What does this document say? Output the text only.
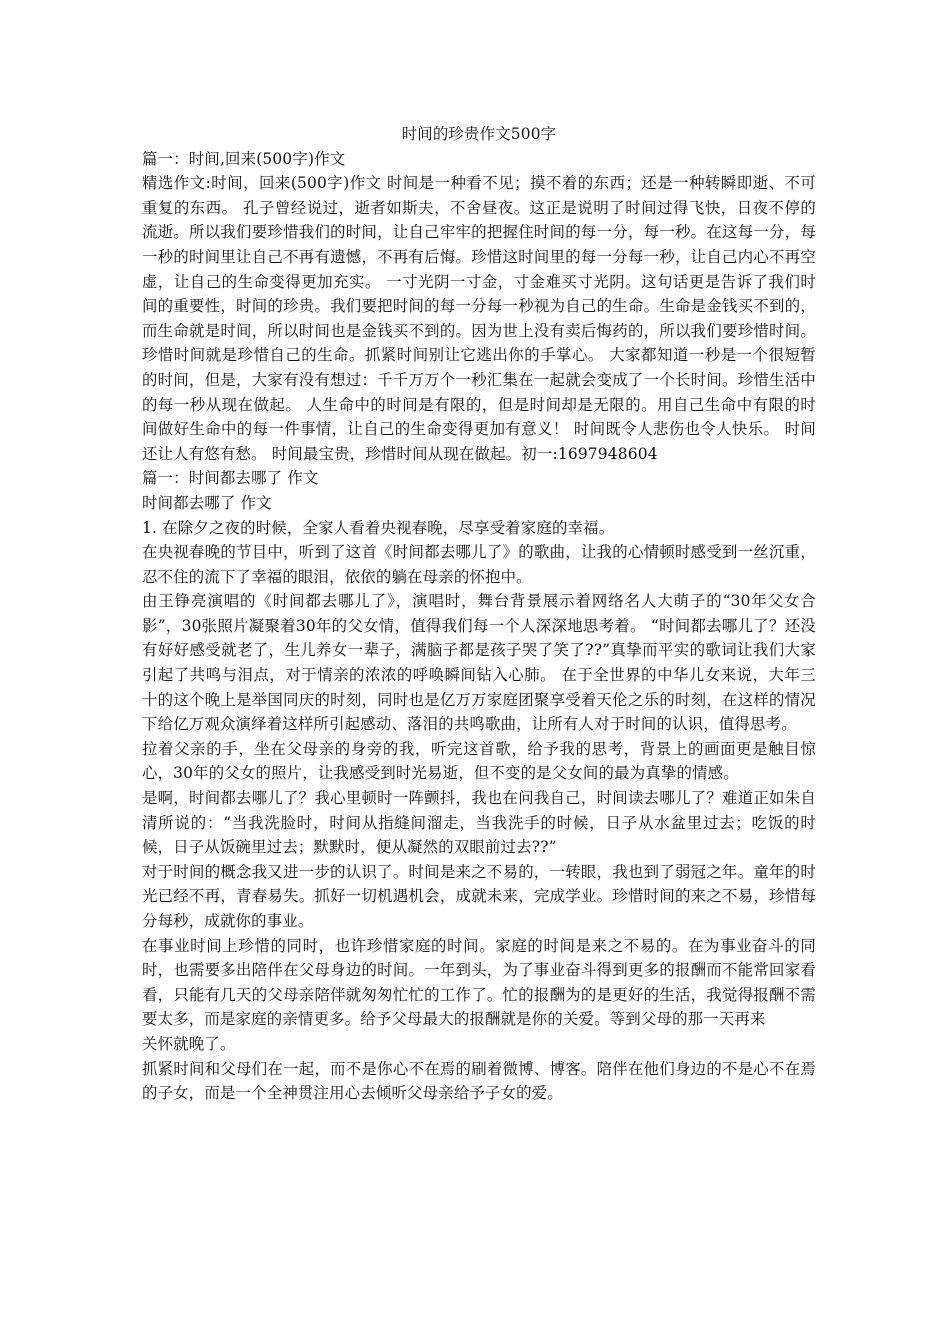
时间的珍贵作文500字

篇一：时间,回来(500字)作文

精选作文:时间，回来(500字)作文 时间是一种看不见；摸不着的东西；还是一种转瞬即逝、不可重复的东西。 孔子曾经说过，逝者如斯夫，不舍昼夜。这正是说明了时间过得飞快，日夜不停的流逝。所以我们要珍惜我们的时间，让自己牢牢的把握住时间的每一分，每一秒。在这每一分，每一秒的时间里让自己不再有遗憾，不再有后悔。珍惜这时间里的每一分每一秒，让自己内心不再空虚，让自己的生命变得更加充实。 一寸光阴一寸金，寸金难买寸光阴。这句话更是告诉了我们时间的重要性，时间的珍贵。我们要把时间的每一分每一秒视为自己的生命。生命是金钱买不到的，而生命就是时间，所以时间也是金钱买不到的。因为世上没有卖后悔药的，所以我们要珍惜时间。珍惜时间就是珍惜自己的生命。抓紧时间别让它逃出你的手掌心。 大家都知道一秒是一个很短暂的时间，但是，大家有没有想过：千千万万个一秒汇集在一起就会变成了一个长时间。珍惜生活中的每一秒从现在做起。 人生命中的时间是有限的，但是时间却是无限的。用自己生命中有限的时间做好生命中的每一件事情，让自己的生命变得更加有意义！ 时间既令人悲伤也令人快乐。 时间还让人有悠有愁。 时间最宝贵，珍惜时间从现在做起。初一:1697948604

篇一：时间都去哪了 作文

时间都去哪了 作文

1. 在除夕之夜的时候，全家人看着央视春晚，尽享受着家庭的幸福。

在央视春晚的节目中，听到了这首《时间都去哪儿了》的歌曲，让我的心情顿时感受到一丝沉重，忍不住的流下了幸福的眼泪，依依的躺在母亲的怀抱中。

由王铮亮演唱的《时间都去哪儿了》，演唱时，舞台背景展示着网络名人大萌子的“30年父女合影”，30张照片凝聚着30年的父女情，值得我们每一个人深深地思考着。 “时间都去哪儿了？还没有好好感受就老了，生儿养女一辈子，满脑子都是孩子哭了笑了??”真挚而平实的歌词让我们大家引起了共鸣与泪点，对于情亲的浓浓的呼唤瞬间钻入心肺。 在于全世界的中华儿女来说，大年三十的这个晚上是举国同庆的时刻，同时也是亿万万家庭团聚享受着天伦之乐的时刻，在这样的情况下给亿万观众演绎着这样所引起感动、落泪的共鸣歌曲，让所有人对于时间的认识，值得思考。

拉着父亲的手，坐在父母亲的身旁的我，听完这首歌，给予我的思考，背景上的画面更是触目惊心，30年的父女的照片，让我感受到时光易逝，但不变的是父女间的最为真挚的情感。

是啊，时间都去哪儿了？我心里顿时一阵颤抖，我也在问我自己，时间读去哪儿了？难道正如朱自清所说的：“当我洗脸时，时间从指缝间溜走，当我洗手的时候，日子从水盆里过去；吃饭的时候，日子从饭碗里过去；默默时，便从凝然的双眼前过去??”

对于时间的概念我又进一步的认识了。时间是来之不易的，一转眼，我也到了弱冠之年。童年的时光已经不再，青春易失。抓好一切机遇机会，成就未来，完成学业。珍惜时间的来之不易，珍惜每分每秒，成就你的事业。

在事业时间上珍惜的同时，也许珍惜家庭的时间。家庭的时间是来之不易的。在为事业奋斗的同时，也需要多出陪伴在父母身边的时间。一年到头，为了事业奋斗得到更多的报酬而不能常回家看看，只能有几天的父母亲陪伴就匆匆忙忙的工作了。忙的报酬为的是更好的生活，我觉得报酬不需要太多，而是家庭的亲情更多。给予父母最大的报酬就是你的关爱。等到父母的那一天再来

关怀就晚了。

抓紧时间和父母们在一起，而不是你心不在焉的刷着微博、博客。陪伴在他们身边的不是心不在焉的子女，而是一个全神贯注用心去倾听父母亲给予子女的爱。
